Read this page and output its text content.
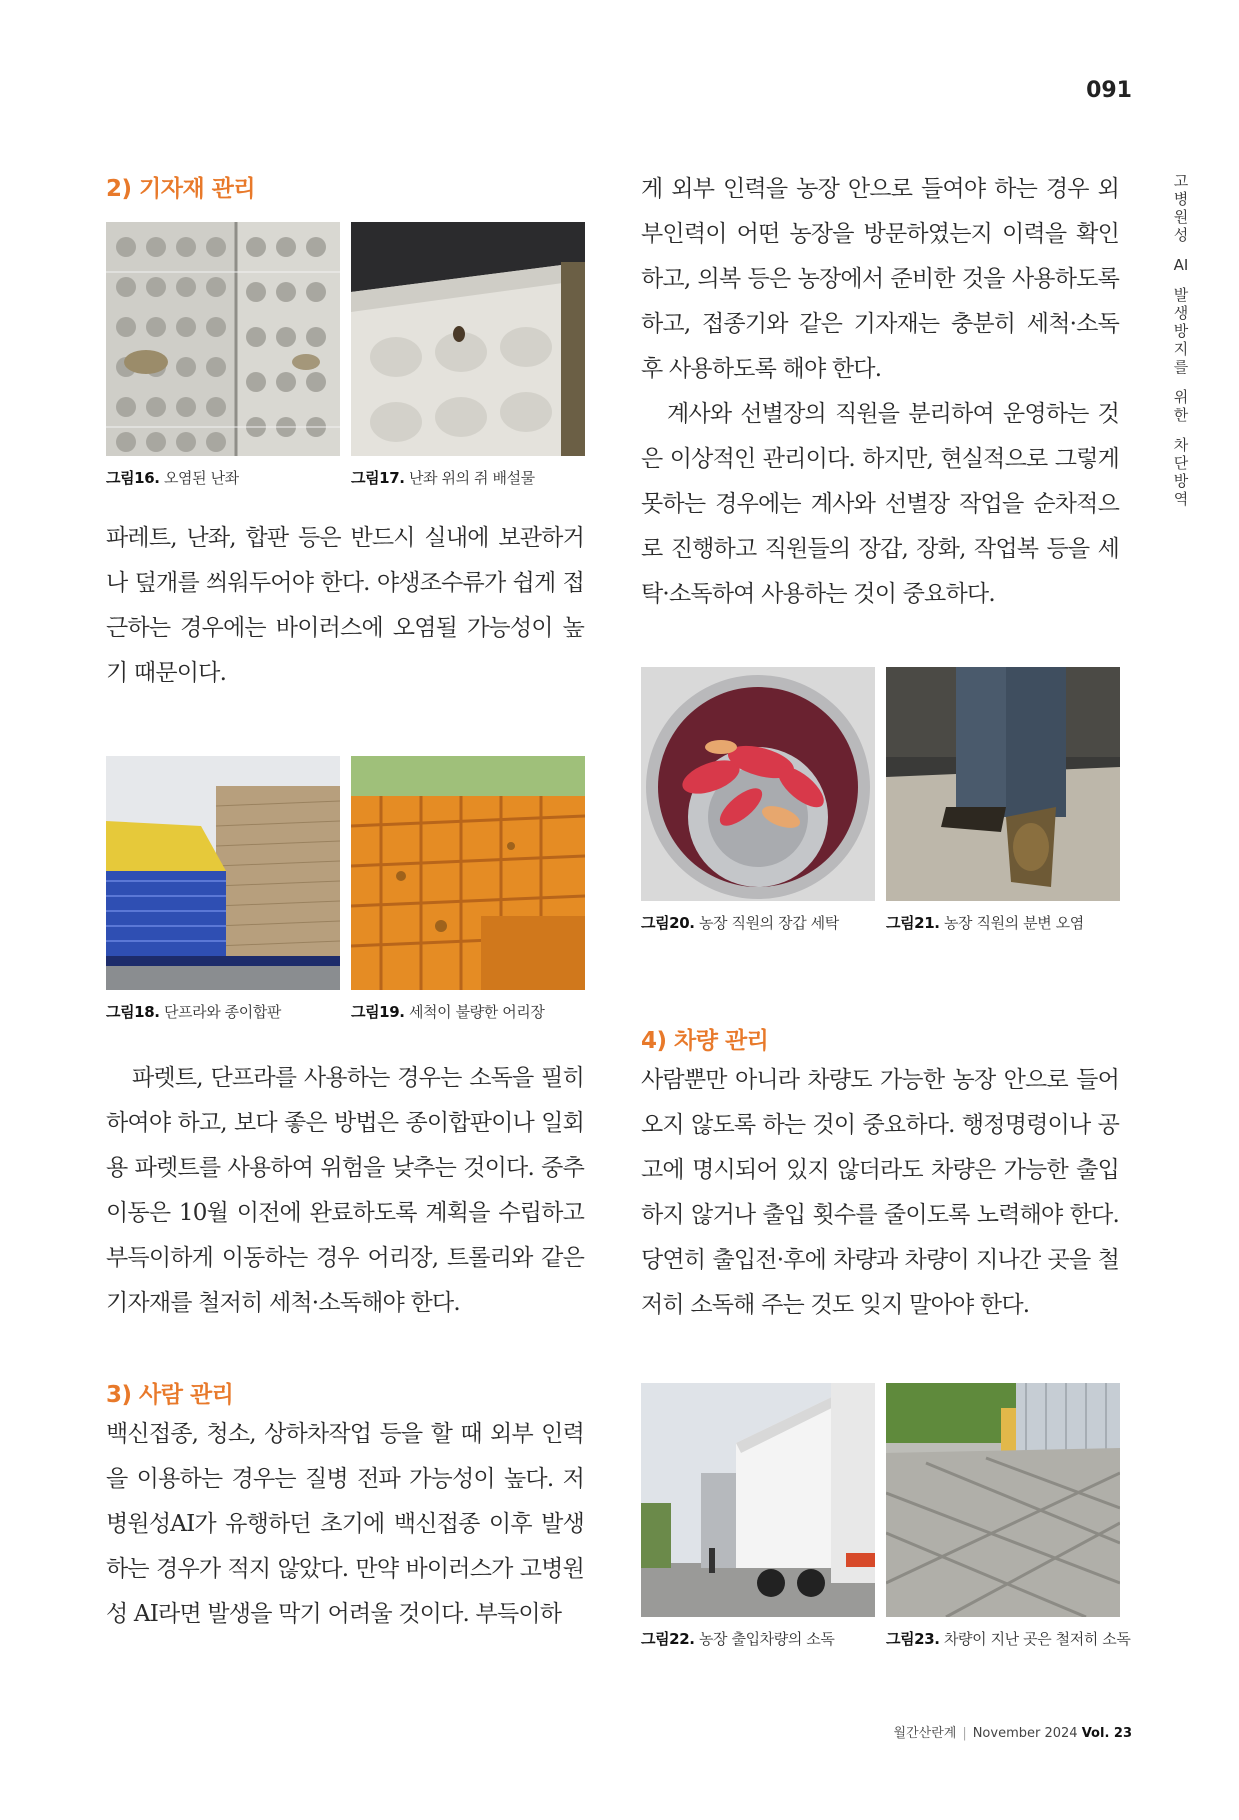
091
고
병
원
성
AI
발
생
방
지
를
위
한
차
단
방
역
2) 기자재 관리
그림16. 오염된 난좌	그림17. 난좌 위의 쥐 배설물

파레트, 난좌, 합판 등은 반드시 실내에 보관하거나 덮개를 씌워두어야 한다. 야생조수류가 쉽게 접근하는 경우에는 바이러스에 오염될 가능성이 높기 때문이다.

그림18. 단프라와 종이합판	그림19. 세척이 불량한 어리장

파렛트, 단프라를 사용하는 경우는 소독을 필히 하여야 하고, 보다 좋은 방법은 종이합판이나 일회용 파렛트를 사용하여 위험을 낮추는 것이다. 중추이동은 10월 이전에 완료하도록 계획을 수립하고 부득이하게 이동하는 경우 어리장, 트롤리와 같은 기자재를 철저히 세척·소독해야 한다.

3) 사람 관리

백신접종, 청소, 상하차작업 등을 할 때 외부 인력을 이용하는 경우는 질병 전파 가능성이 높다. 저병원성AI가 유행하던 초기에 백신접종 이후 발생하는 경우가 적지 않았다. 만약 바이러스가 고병원성 AI라면 발생을 막기 어려울 것이다. 부득이하

게 외부 인력을 농장 안으로 들여야 하는 경우 외부인력이 어떤 농장을 방문하였는지 이력을 확인하고, 의복 등은 농장에서 준비한 것을 사용하도록 하고, 접종기와 같은 기자재는 충분히 세척·소독 후 사용하도록 해야 한다.

계사와 선별장의 직원을 분리하여 운영하는 것은 이상적인 관리이다. 하지만, 현실적으로 그렇게 못하는 경우에는 계사와 선별장 작업을 순차적으로 진행하고 직원들의 장갑, 장화, 작업복 등을 세탁·소독하여 사용하는 것이 중요하다.

그림20. 농장 직원의 장갑 세탁	그림21. 농장 직원의 분변 오염
4) 차량 관리

사람뿐만 아니라 차량도 가능한 농장 안으로 들어오지 않도록 하는 것이 중요하다. 행정명령이나 공고에 명시되어 있지 않더라도 차량은 가능한 출입하지 않거나 출입 횟수를 줄이도록 노력해야 한다. 당연히 출입전·후에 차량과 차량이 지나간 곳을 철저히 소독해 주는 것도 잊지 말아야 한다.

그림22. 농장 출입차량의 소독	그림23. 차량이 지난 곳은 철저히 소독
월간산란계 | November 2024 Vol. 23
